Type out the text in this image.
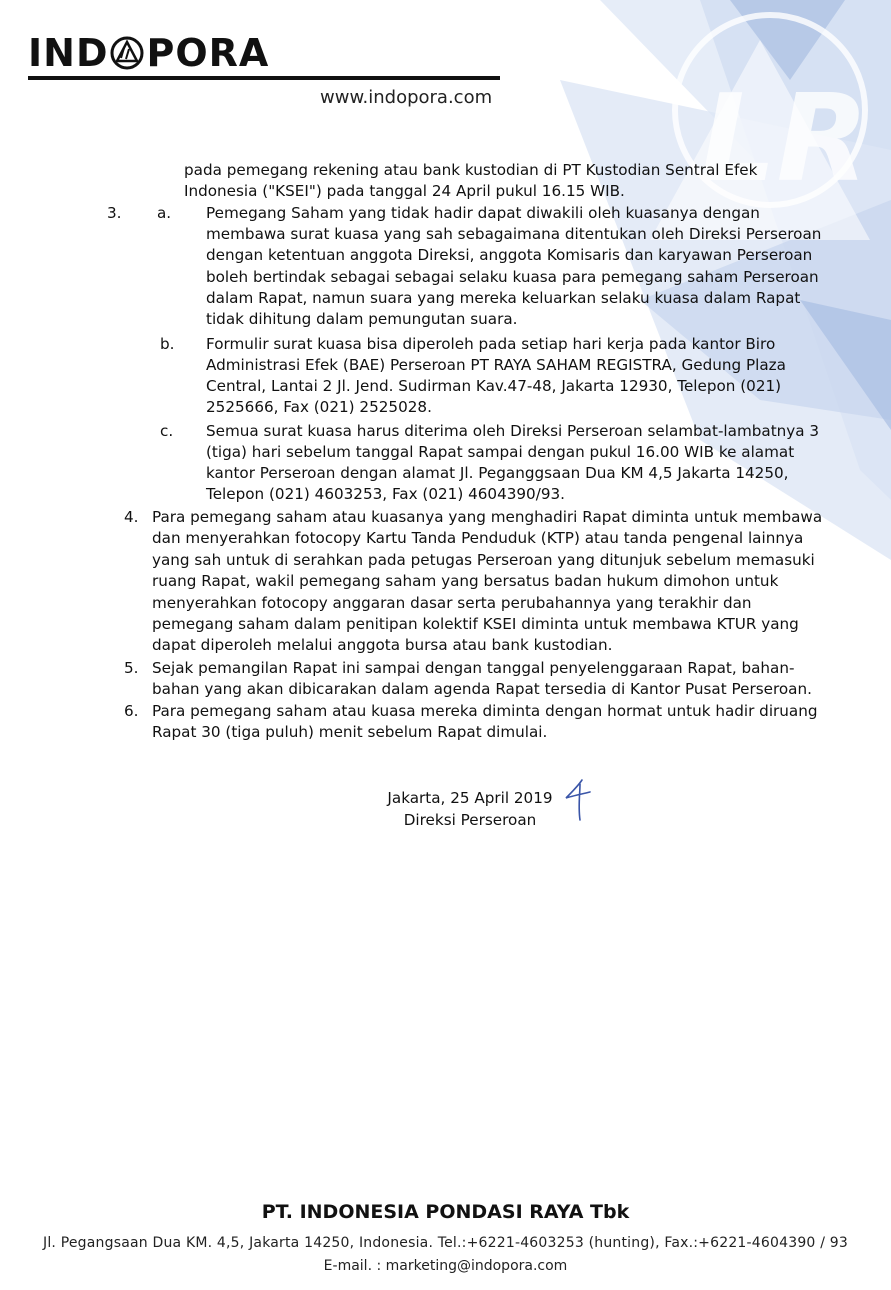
LR
IND PORA
www.indopora.com
pada pemegang rekening atau bank kustodian di PT Kustodian Sentral Efek
Indonesia ("KSEI") pada tanggal 24 April pukul 16.15 WIB.
3. a. Pemegang Saham yang tidak hadir dapat diwakili oleh kuasanya dengan
membawa surat kuasa yang sah sebagaimana ditentukan oleh Direksi Perseroan
dengan ketentuan anggota Direksi, anggota Komisaris dan karyawan Perseroan
boleh bertindak sebagai sebagai selaku kuasa para pemegang saham Perseroan
dalam Rapat, namun suara yang mereka keluarkan selaku kuasa dalam Rapat
tidak dihitung dalam pemungutan suara.
b. Formulir surat kuasa bisa diperoleh pada setiap hari kerja pada kantor Biro
Administrasi Efek (BAE) Perseroan PT RAYA SAHAM REGISTRA, Gedung Plaza
Central, Lantai 2 Jl. Jend. Sudirman Kav.47-48, Jakarta 12930, Telepon (021)
2525666, Fax (021) 2525028.
c. Semua surat kuasa harus diterima oleh Direksi Perseroan selambat-lambatnya 3
(tiga) hari sebelum tanggal Rapat sampai dengan pukul 16.00 WIB ke alamat
kantor Perseroan dengan alamat Jl. Peganggsaan Dua KM 4,5 Jakarta 14250,
Telepon (021) 4603253, Fax (021) 4604390/93.
4. Para pemegang saham atau kuasanya yang menghadiri Rapat diminta untuk membawa
dan menyerahkan fotocopy Kartu Tanda Penduduk (KTP) atau tanda pengenal lainnya
yang sah untuk di serahkan pada petugas Perseroan yang ditunjuk sebelum memasuki
ruang Rapat, wakil pemegang saham yang bersatus badan hukum dimohon untuk
menyerahkan fotocopy anggaran dasar serta perubahannya yang terakhir dan
pemegang saham dalam penitipan kolektif KSEI diminta untuk membawa KTUR yang
dapat diperoleh melalui anggota bursa atau bank kustodian.
5. Sejak pemangilan Rapat ini sampai dengan tanggal penyelenggaraan Rapat, bahan-
bahan yang akan dibicarakan dalam agenda Rapat tersedia di Kantor Pusat Perseroan.
6. Para pemegang saham atau kuasa mereka diminta dengan hormat untuk hadir diruang
Rapat 30 (tiga puluh) menit sebelum Rapat dimulai.
Jakarta, 25 April 2019
Direksi Perseroan
PT. INDONESIA PONDASI RAYA Tbk
Jl. Pegangsaan Dua KM. 4,5, Jakarta 14250, Indonesia. Tel.:+6221-4603253 (hunting), Fax.:+6221-4604390 / 93
E-mail. : marketing@indopora.com
